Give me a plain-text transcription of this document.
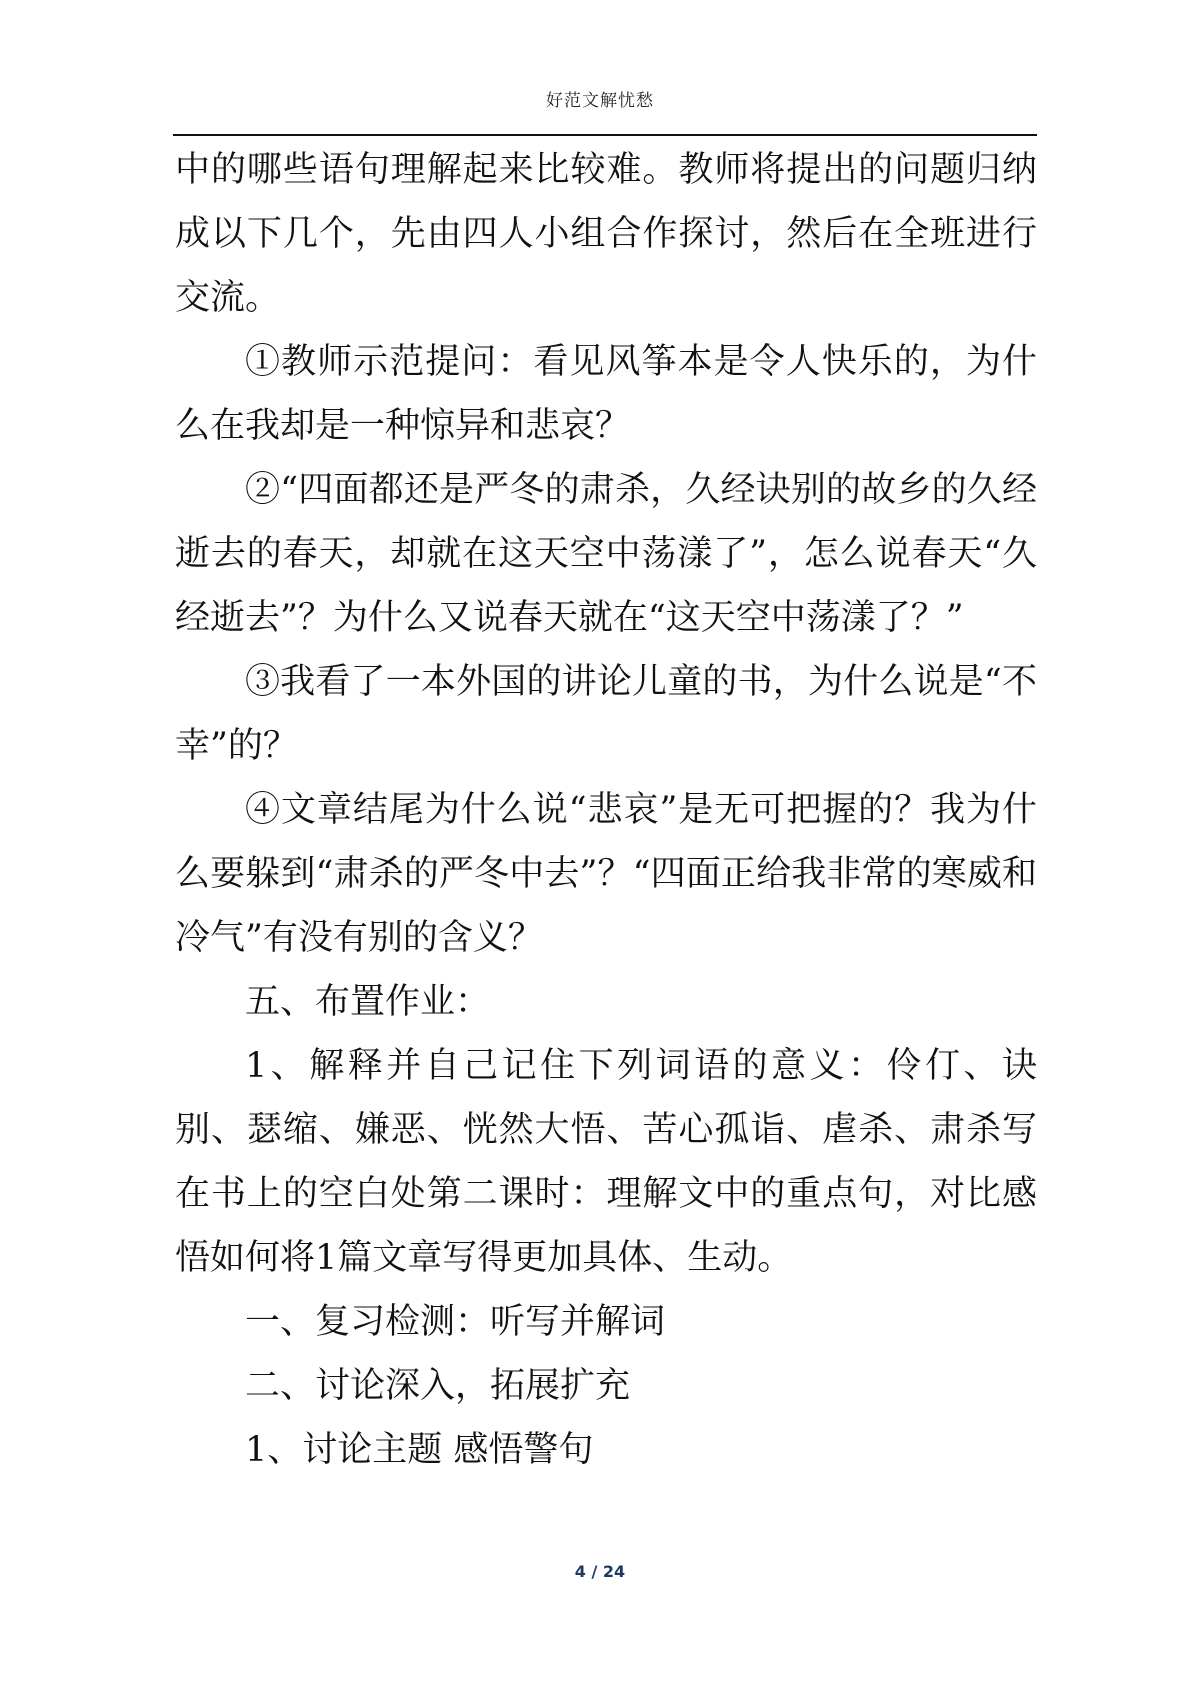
好范文解忧愁

中的哪些语句理解起来比较难。教师将提出的问题归纳成以下几个，先由四人小组合作探讨，然后在全班进行交流。

①教师示范提问：看见风筝本是令人快乐的，为什么在我却是一种惊异和悲哀？

②“四面都还是严冬的肃杀，久经诀别的故乡的久经逝去的春天，却就在这天空中荡漾了”，怎么说春天“久经逝去”？为什么又说春天就在“这天空中荡漾了？”

③我看了一本外国的讲论儿童的书，为什么说是“不幸”的？

④文章结尾为什么说“悲哀”是无可把握的？我为什么要躲到“肃杀的严冬中去”？“四面正给我非常的寒威和冷气”有没有别的含义？

五、布置作业：

1、解释并自己记住下列词语的意义：伶仃、诀别、瑟缩、嫌恶、恍然大悟、苦心孤诣、虐杀、肃杀写在书上的空白处第二课时：理解文中的重点句，对比感悟如何将1篇文章写得更加具体、生动。

一、复习检测：听写并解词

二、讨论深入，拓展扩充

1、讨论主题 感悟警句

4 / 24
